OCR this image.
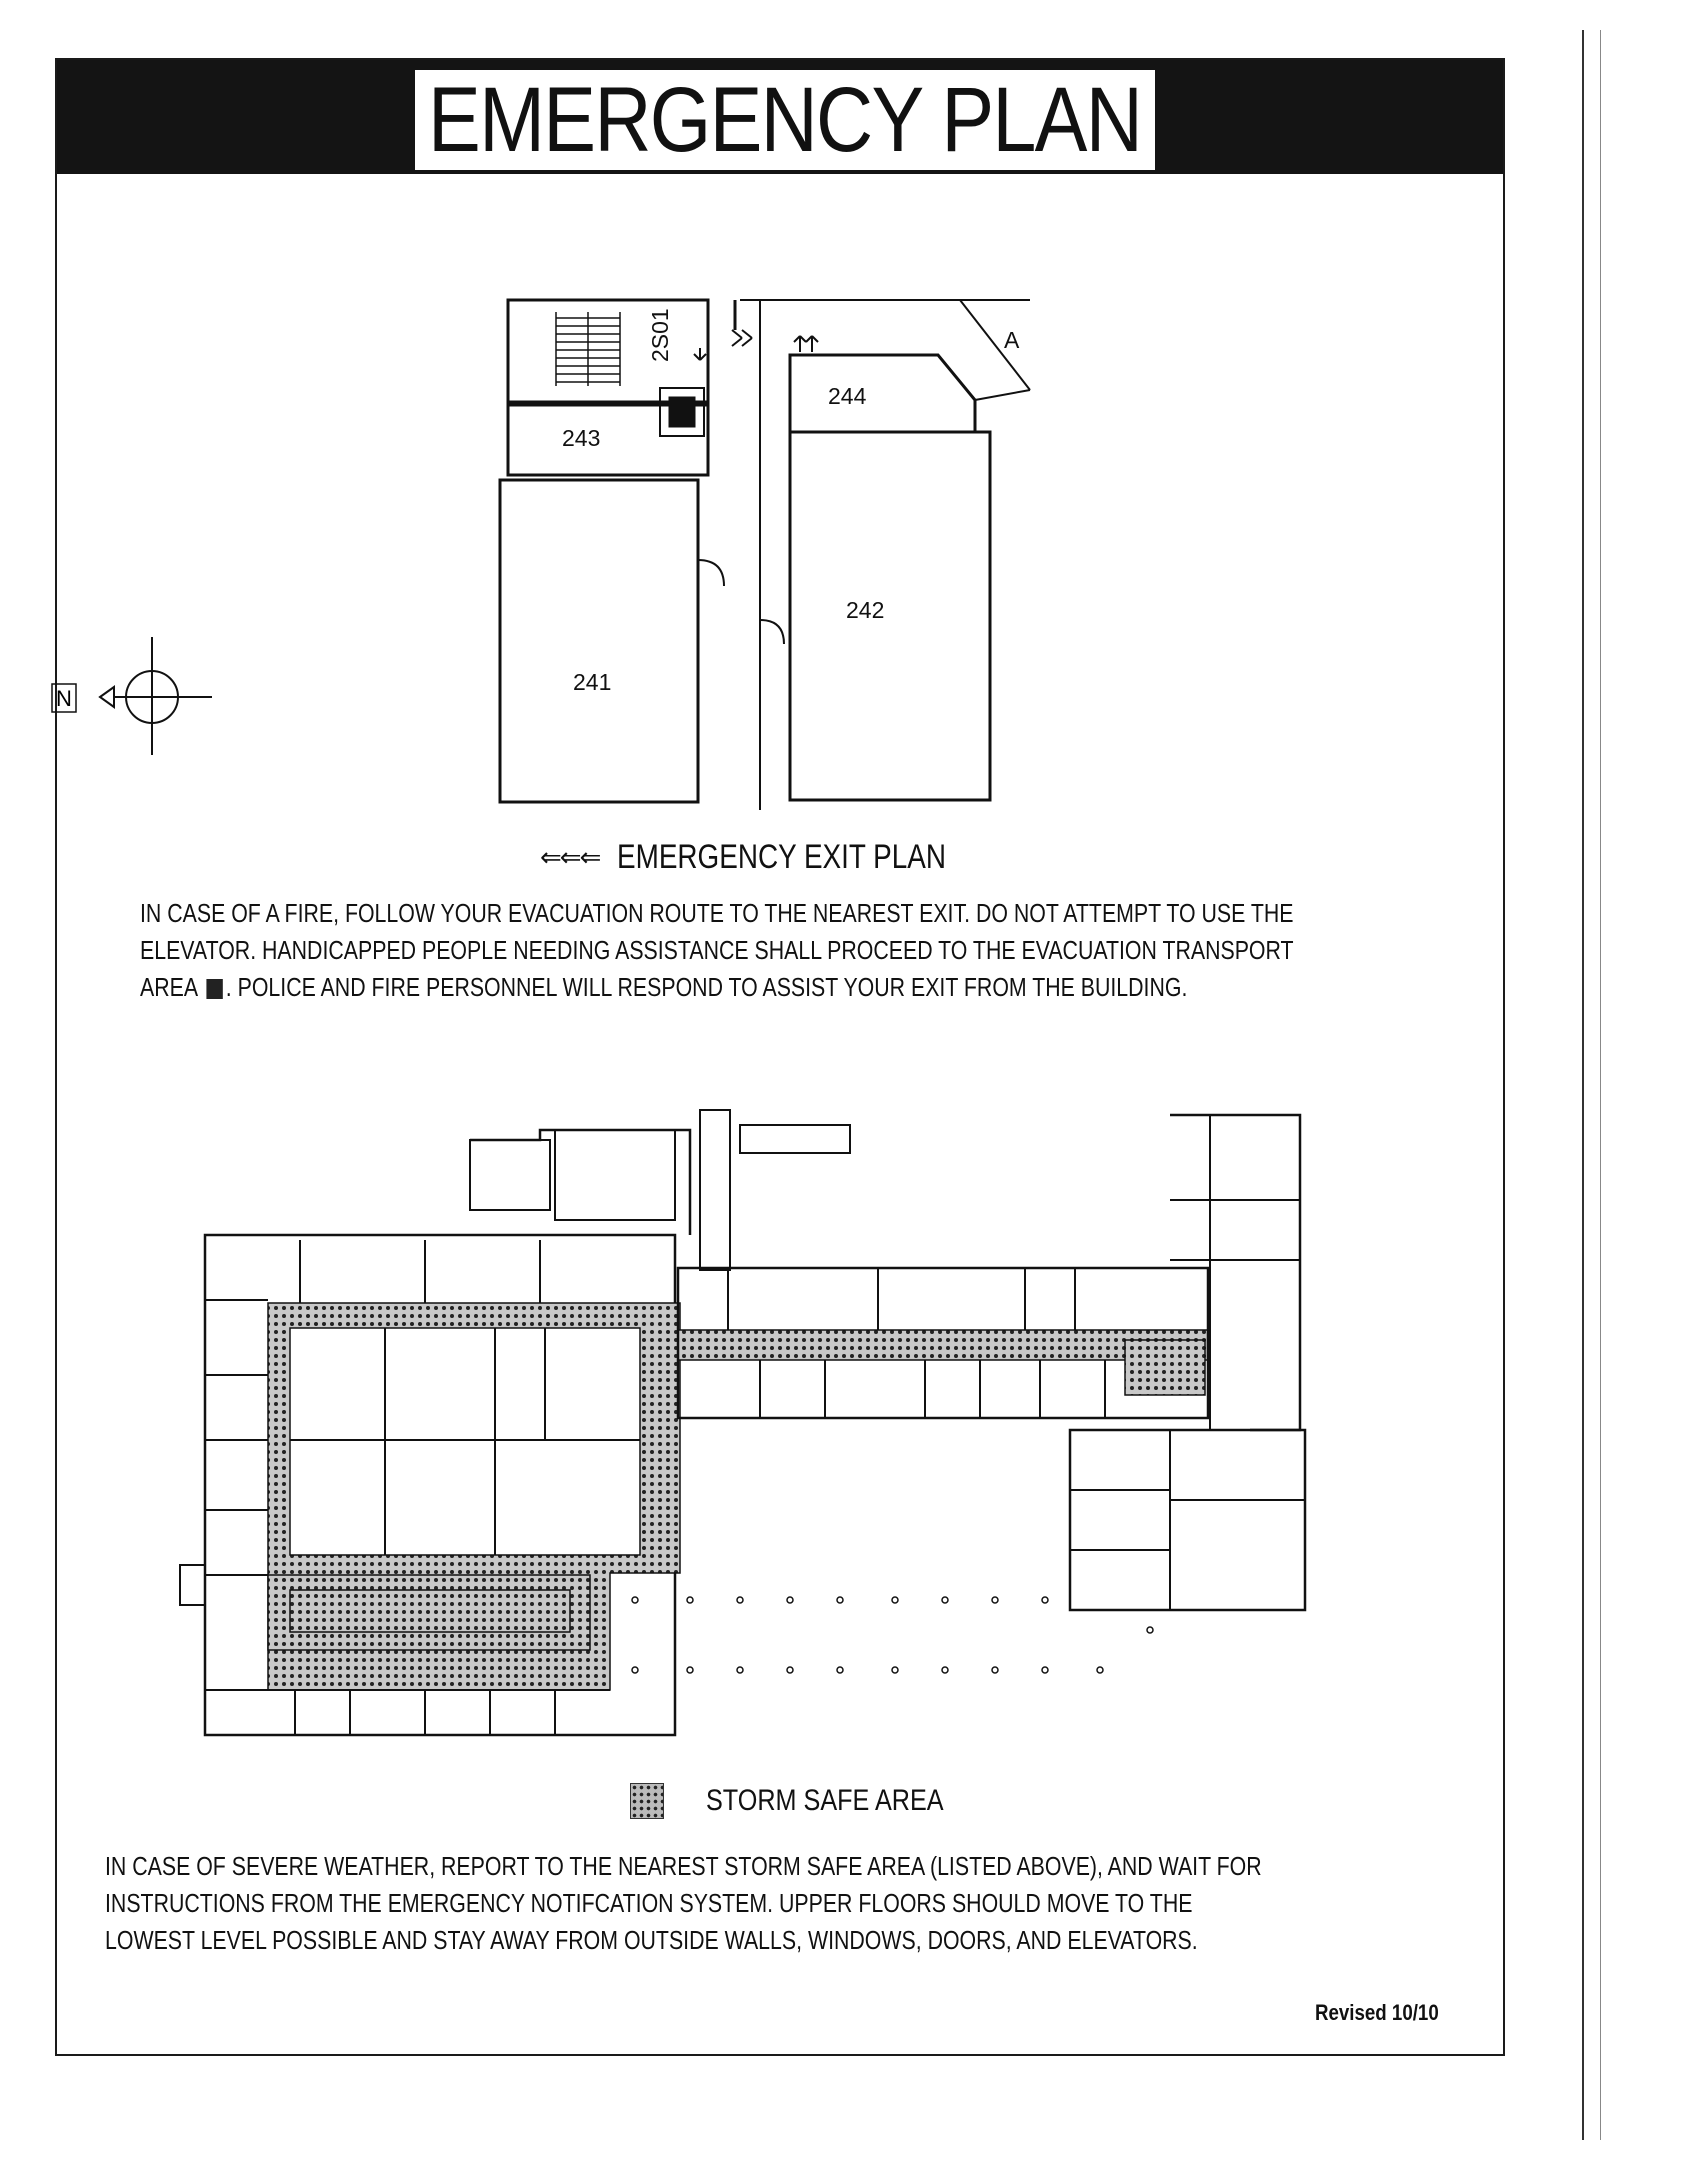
EMERGENCY PLAN
2S01
243
244
242
241
A
N
⇐⇐⇐ EMERGENCY EXIT PLAN
IN CASE OF A FIRE, FOLLOW YOUR EVACUATION ROUTE TO THE NEAREST EXIT. DO NOT ATTEMPT TO USE THE
ELEVATOR. HANDICAPPED PEOPLE NEEDING ASSISTANCE SHALL PROCEED TO THE EVACUATION TRANSPORT
AREA . POLICE AND FIRE PERSONNEL WILL RESPOND TO ASSIST YOUR EXIT FROM THE BUILDING.
STORM SAFE AREA
IN CASE OF SEVERE WEATHER, REPORT TO THE NEAREST STORM SAFE AREA (LISTED ABOVE), AND WAIT FOR
INSTRUCTIONS FROM THE EMERGENCY NOTIFCATION SYSTEM. UPPER FLOORS SHOULD MOVE TO THE
LOWEST LEVEL POSSIBLE AND STAY AWAY FROM OUTSIDE WALLS, WINDOWS, DOORS, AND ELEVATORS.
Revised 10/10
